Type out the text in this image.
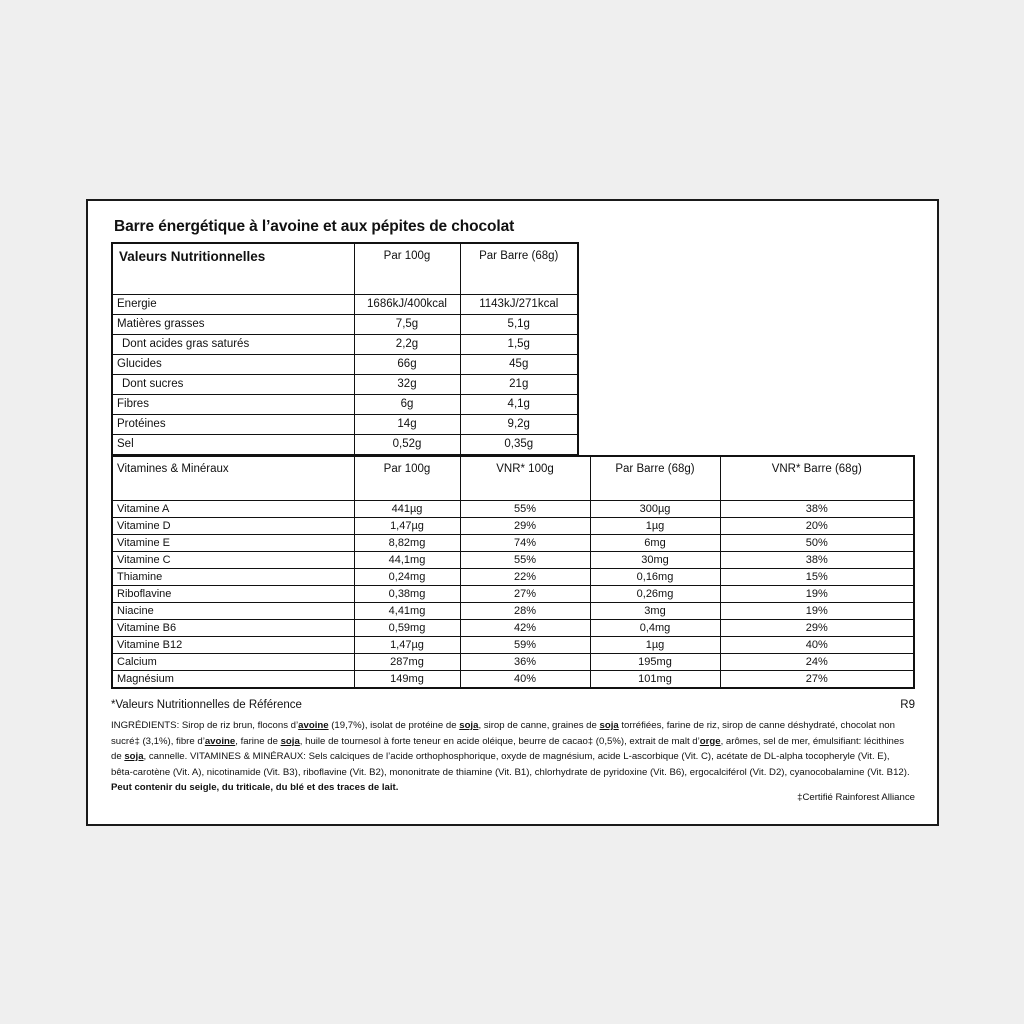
Barre énergétique à l’avoine et aux pépites de chocolat
Valeurs Nutritionnelles	Par 100g	Par Barre (68g)
Energie	1686kJ/400kcal	1143kJ/271kcal
Matières grasses	7,5g	5,1g
Dont acides gras saturés	2,2g	1,5g
Glucides	66g	45g
Dont sucres	32g	21g
Fibres	6g	4,1g
Protéines	14g	9,2g
Sel	0,52g	0,35g
Vitamines & Minéraux	Par 100g	VNR* 100g	Par Barre (68g)	VNR* Barre (68g)
Vitamine A	441µg	55%	300µg	38%
Vitamine D	1,47µg	29%	1µg	20%
Vitamine E	8,82mg	74%	6mg	50%
Vitamine C	44,1mg	55%	30mg	38%
Thiamine	0,24mg	22%	0,16mg	15%
Riboflavine	0,38mg	27%	0,26mg	19%
Niacine	4,41mg	28%	3mg	19%
Vitamine B6	0,59mg	42%	0,4mg	29%
Vitamine B12	1,47µg	59%	1µg	40%
Calcium	287mg	36%	195mg	24%
Magnésium	149mg	40%	101mg	27%
*Valeurs Nutritionnelles de Référence	R9
INGRÉDIENTS: Sirop de riz brun, flocons d’avoine (19,7%), isolat de protéine de soja, sirop de canne, graines de soja torréfiées, farine de riz, sirop de canne déshydraté, chocolat non sucré‡ (3,1%), fibre d’avoine, farine de soja, huile de tournesol à forte teneur en acide oléique, beurre de cacao‡ (0,5%), extrait de malt d’orge, arômes, sel de mer, émulsifiant: lécithines de soja, cannelle. VITAMINES & MINÉRAUX: Sels calciques de l’acide orthophosphorique, oxyde de magnésium, acide L-ascorbique (Vit. C), acétate de DL-alpha tocopheryle (Vit. E), bêta-carotène (Vit. A), nicotinamide (Vit. B3), riboflavine (Vit. B2), mononitrate de thiamine (Vit. B1), chlorhydrate de pyridoxine (Vit. B6), ergocalciférol (Vit. D2), cyanocobalamine (Vit. B12). Peut contenir du seigle, du triticale, du blé et des traces de lait.
‡Certifié Rainforest Alliance
